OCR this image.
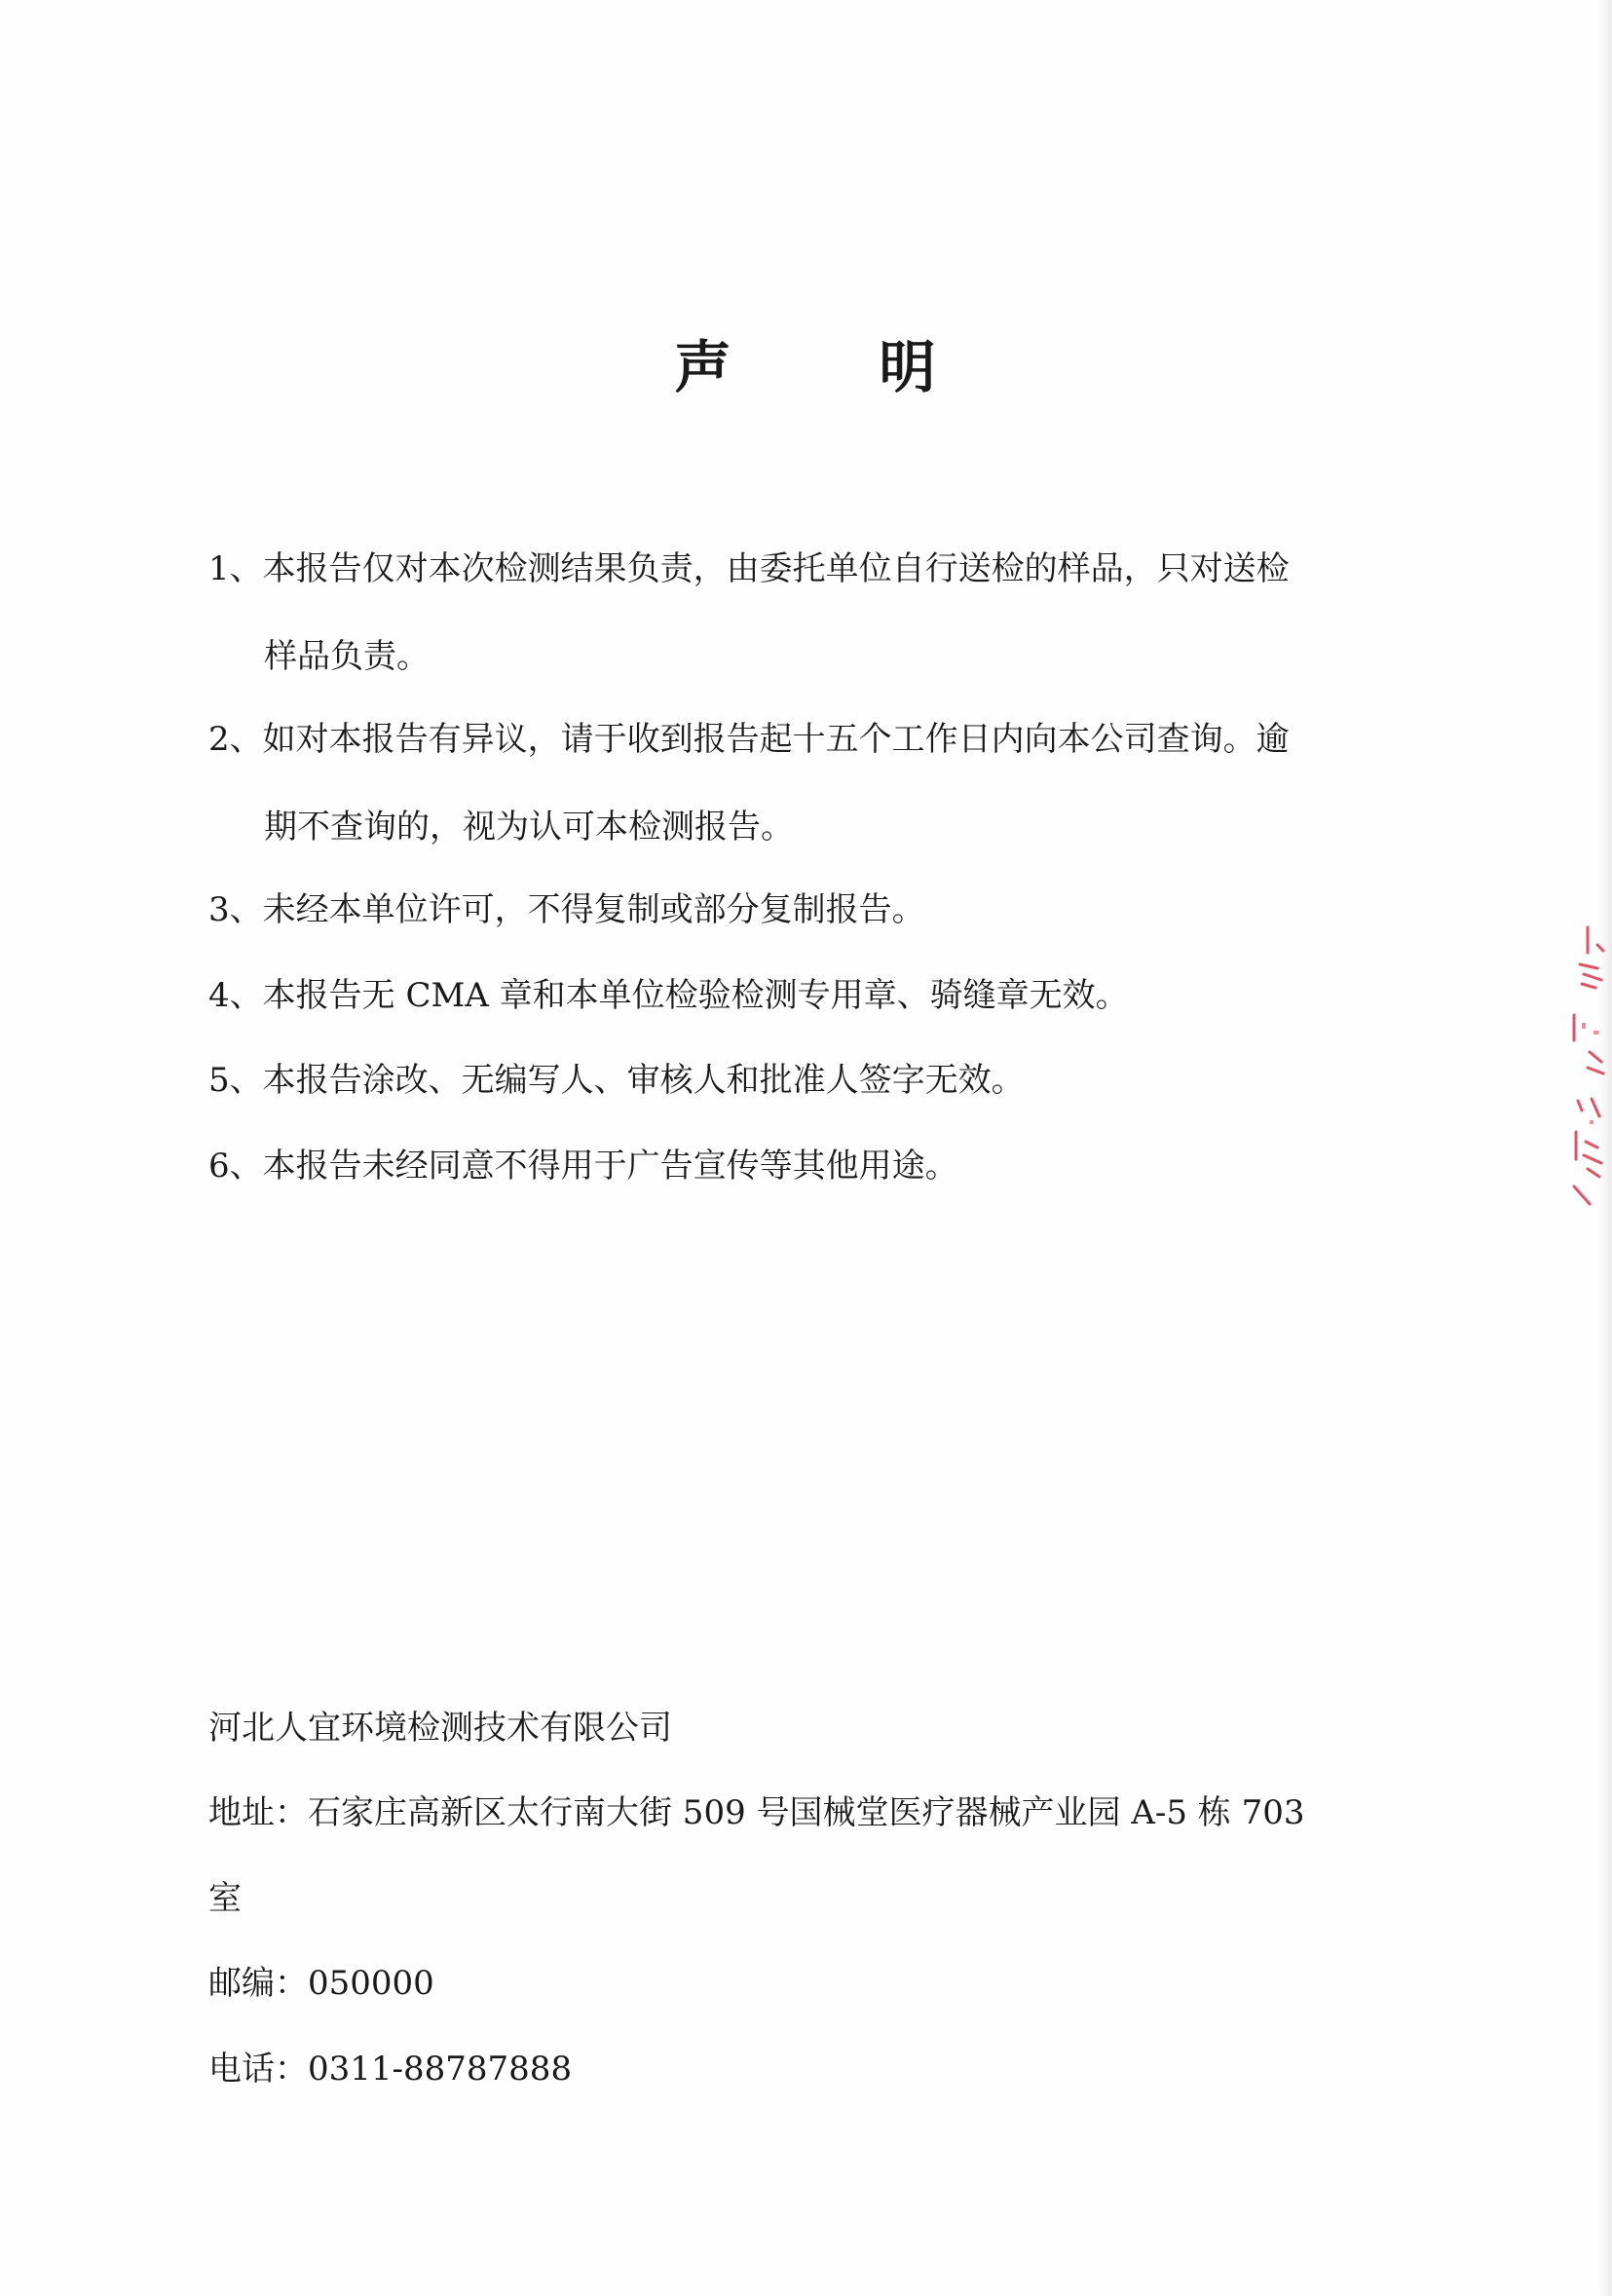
声	明
1、本报告仅对本次检测结果负责，由委托单位自行送检的样品，只对送检
样品负责。
2、如对本报告有异议，请于收到报告起十五个工作日内向本公司查询。逾
期不查询的，视为认可本检测报告。
3、未经本单位许可，不得复制或部分复制报告。
4、本报告无 CMA 章和本单位检验检测专用章、骑缝章无效。
5、本报告涂改、无编写人、审核人和批准人签字无效。
6、本报告未经同意不得用于广告宣传等其他用途。
河北人宜环境检测技术有限公司
地址：石家庄高新区太行南大街 509 号国械堂医疗器械产业园 A-5 栋 703
室
邮编：050000
电话：0311-88787888
